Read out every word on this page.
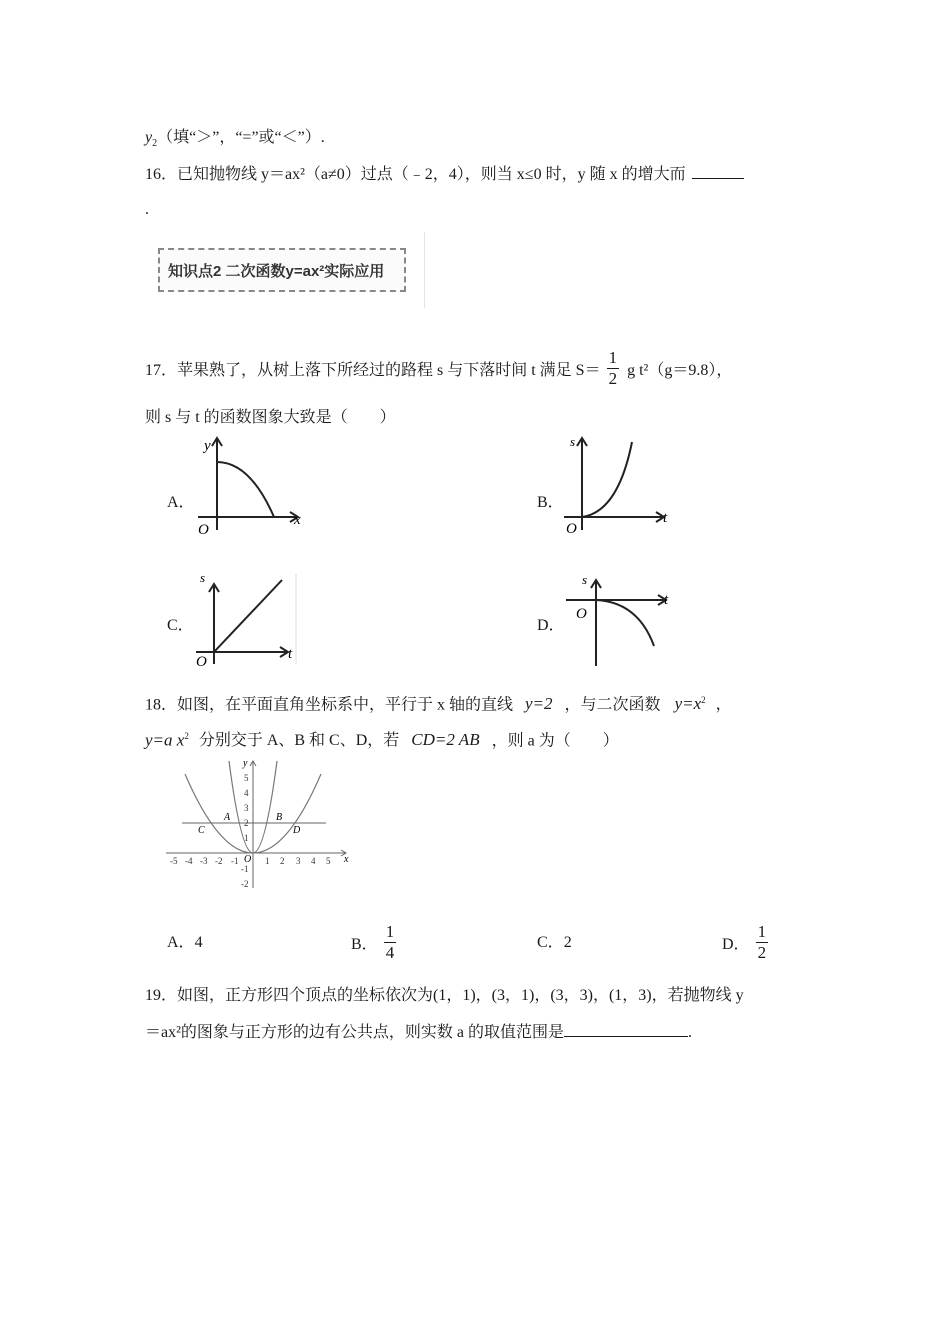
$y_2$（填“＞”，“=”或“＜”）.
16．已知抛物线 y＝ax²（a≠0）过点（﹣2，4），则当 x≤0 时，y 随 x 的增大而
.
知识点2 二次函数y=ax²实际应用
17．苹果熟了，从树上落下所经过的路程 s 与下落时间 t 满足 $S= \frac{1}{2}$ g t²（g＝9.8），
则 s 与 t 的函数图象大致是（　　）
A．
y
x
O
B．
s
t
O
C．
s
t
O
D．
s
t
O
18．如图，在平面直角坐标系中，平行于 x 轴的直线 y=2 ，与二次函数 $y=x^2$ ，
y=a $x^2$ 分别交于 A、B 和 C、D，若 CD=2 AB ，则 a 为（　　）
-5 -4 -3 -2 -1	1 2 3 4 5
5
4
3
2
1
-1
-2
x
y
O
A	B
C	D
A．4	B． $\frac{1}{4}$	C．2	D． $\frac{1}{2}$
19．如图，正方形四个顶点的坐标依次为(1，1)，(3，1)，(3，3)，(1，3)，若抛物线 y
＝ax²的图象与正方形的边有公共点，则实数 a 的取值范围是	.
